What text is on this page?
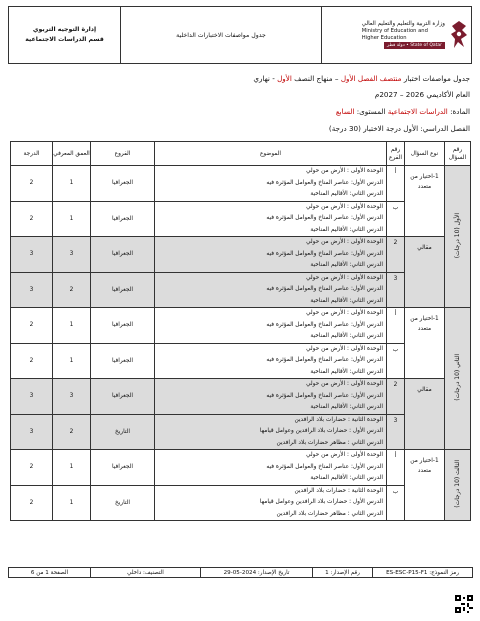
وزارة التربية والتعليم والتعليم العالي
Ministry of Education and
Higher Education
State of Qatar • دولة قطر
	جدول مواصفات الاختبارات الداخلية	
إدارة التوجيه التربوي
قسم الدراسات الاجتماعية
جدول مواصفات اختبار منتصف الفصل الأول – منهاج النصف الأول - نهاري
العام الأكاديمي 2026 – 2027م
المادة: الدراسات الاجتماعية المستوى: السابع
الفصل الدراسي: الأول درجة الاختبار (30 درجة)
رقم السؤال	نوع السؤال	رقم الفرع	الموضوع	الفروع	العمق المعرفي	الدرجة
الأول (10 درجات)	1-اختيار من متعدد	أ	الوحدة الأولى : الأرض من حولي
الدرس الأول: عناصر المناخ والعوامل المؤثرة فيه
الدرس الثاني: الأقاليم المناخية	الجغرافيا	1	2
		ب	الوحدة الأولى : الأرض من حولي
الدرس الأول: عناصر المناخ والعوامل المؤثرة فيه
الدرس الثاني: الأقاليم المناخية	الجغرافيا	1	2
	مقالي	2	الوحدة الأولى : الأرض من حولي
الدرس الأول: عناصر المناخ والعوامل المؤثرة فيه
الدرس الثاني: الأقاليم المناخية	الجغرافيا	3	3
		3	الوحدة الأولى : الأرض من حولي
الدرس الأول: عناصر المناخ والعوامل المؤثرة فيه
الدرس الثاني: الأقاليم المناخية	الجغرافيا	2	3
الثاني (10 درجات)	1-اختيار من متعدد	أ	الوحدة الأولى : الأرض من حولي
الدرس الأول: عناصر المناخ والعوامل المؤثرة فيه
الدرس الثاني: الأقاليم المناخية	الجغرافيا	1	2
		ب	الوحدة الأولى : الأرض من حولي
الدرس الأول: عناصر المناخ والعوامل المؤثرة فيه
الدرس الثاني: الأقاليم المناخية	الجغرافيا	1	2
	مقالي	2	الوحدة الأولى : الأرض من حولي
الدرس الأول: عناصر المناخ والعوامل المؤثرة فيه
الدرس الثاني: الأقاليم المناخية	الجغرافيا	3	3
		3	الوحدة الثانية : حضارات بلاد الرافدين
الدرس الأول : حضارات بلاد الرافدين وعوامل قيامها
الدرس الثاني : مظاهر حضارات بلاد الرافدين	التاريخ	2	3
الثالث (10 درجات)	1-اختيار من متعدد	أ	الوحدة الأولى : الأرض من حولي
الدرس الأول: عناصر المناخ والعوامل المؤثرة فيه
الدرس الثاني: الأقاليم المناخية	الجغرافيا	1	2
		ب	الوحدة الثانية : حضارات بلاد الرافدين
الدرس الأول : حضارات بلاد الرافدين وعوامل قيامها
الدرس الثاني : مظاهر حضارات بلاد الرافدين	التاريخ	1	2
رمز النموذج: ES-ESC-P15-F1	رقم الإصدار: 1	تاريخ الإصدار: 2024-05-29	التصنيف: داخلي	الصفحة 1 من 6
